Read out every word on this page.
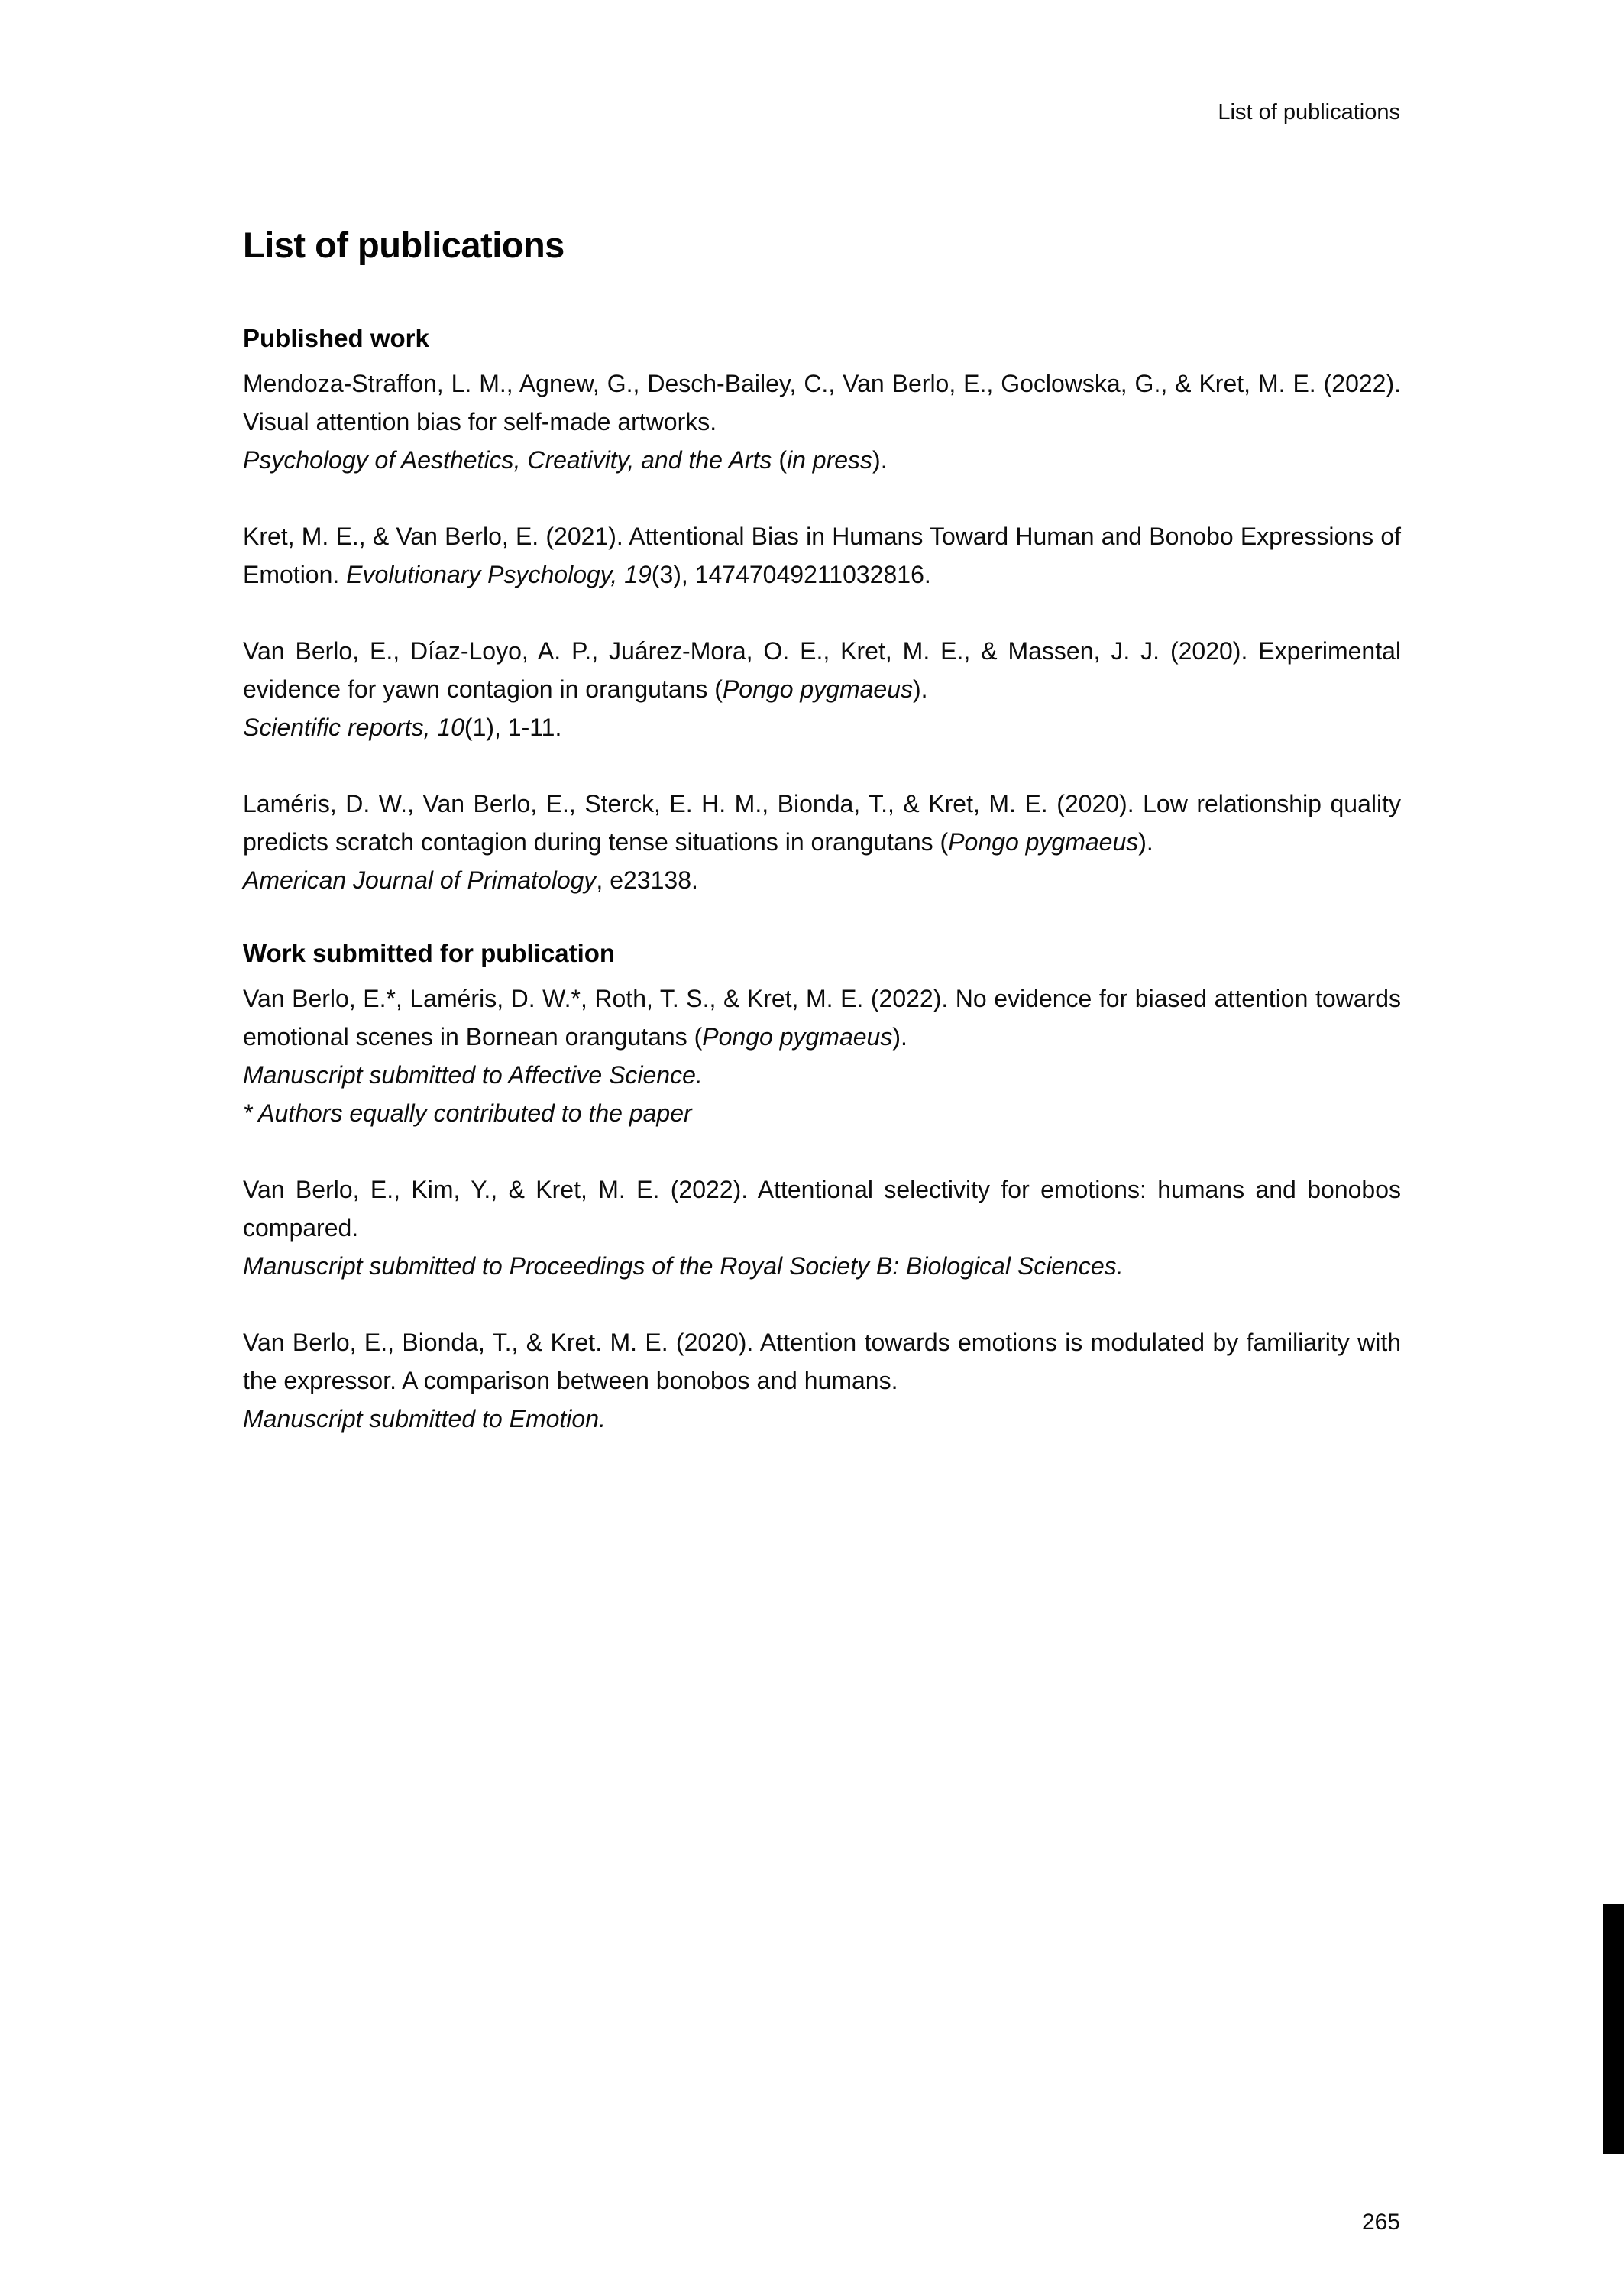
List of publications
List of publications
Published work

Mendoza-Straffon, L. M., Agnew, G., Desch-Bailey, C., Van Berlo, E., Goclowska, G., & Kret, M. E. (2022). Visual attention bias for self-made artworks.

Psychology of Aesthetics, Creativity, and the Arts (in press).

Kret, M. E., & Van Berlo, E. (2021). Attentional Bias in Humans Toward Human and Bonobo Expressions of Emotion. Evolutionary Psychology, 19(3), 14747049211032816.

Van Berlo, E., Díaz-Loyo, A. P., Juárez-Mora, O. E., Kret, M. E., & Massen, J. J. (2020). Experimental evidence for yawn contagion in orangutans (Pongo pygmaeus).

Scientific reports, 10(1), 1-11.

Laméris, D. W., Van Berlo, E., Sterck, E. H. M., Bionda, T., & Kret, M. E. (2020). Low relationship quality predicts scratch contagion during tense situations in orangutans (Pongo pygmaeus).

American Journal of Primatology, e23138.

Work submitted for publication

Van Berlo, E.*, Laméris, D. W.*, Roth, T. S., & Kret, M. E. (2022). No evidence for biased attention towards emotional scenes in Bornean orangutans (Pongo pygmaeus).

Manuscript submitted to Affective Science.

* Authors equally contributed to the paper

Van Berlo, E., Kim, Y., & Kret, M. E. (2022). Attentional selectivity for emotions: humans and bonobos compared.

Manuscript submitted to Proceedings of the Royal Society B: Biological Sciences.

Van Berlo, E., Bionda, T., & Kret. M. E. (2020). Attention towards emotions is modulated by familiarity with the expressor. A comparison between bonobos and humans.

Manuscript submitted to Emotion.

265
